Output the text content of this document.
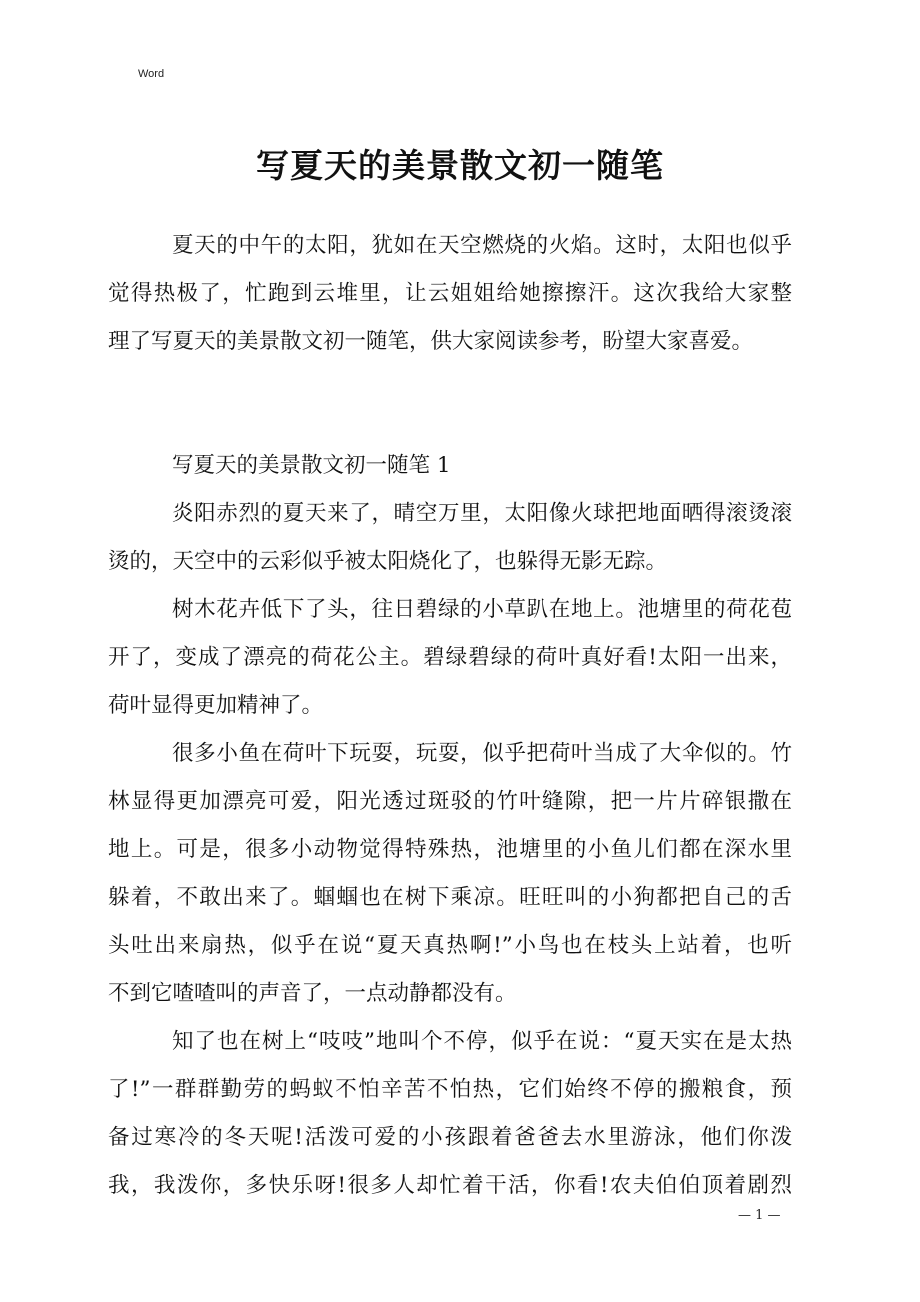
Word
写夏天的美景散文初一随笔
夏天的中午的太阳，犹如在天空燃烧的火焰。这时，太阳也似乎
觉得热极了，忙跑到云堆里，让云姐姐给她擦擦汗。这次我给大家整
理了写夏天的美景散文初一随笔，供大家阅读参考，盼望大家喜爱。
写夏天的美景散文初一随笔 1
炎阳赤烈的夏天来了，晴空万里，太阳像火球把地面晒得滚烫滚
烫的，天空中的云彩似乎被太阳烧化了，也躲得无影无踪。
树木花卉低下了头，往日碧绿的小草趴在地上。池塘里的荷花苞
开了，变成了漂亮的荷花公主。碧绿碧绿的荷叶真好看!太阳一出来，
荷叶显得更加精神了。
很多小鱼在荷叶下玩耍，玩耍，似乎把荷叶当成了大伞似的。竹
林显得更加漂亮可爱，阳光透过斑驳的竹叶缝隙，把一片片碎银撒在
地上。可是，很多小动物觉得特殊热，池塘里的小鱼儿们都在深水里
躲着，不敢出来了。蝈蝈也在树下乘凉。旺旺叫的小狗都把自己的舌
头吐出来扇热，似乎在说“夏天真热啊!”小鸟也在枝头上站着，也听
不到它喳喳叫的声音了，一点动静都没有。
知了也在树上“吱吱”地叫个不停，似乎在说：“夏天实在是太热
了!”一群群勤劳的蚂蚁不怕辛苦不怕热，它们始终不停的搬粮食，预
备过寒冷的冬天呢!活泼可爱的小孩跟着爸爸去水里游泳，他们你泼
我，我泼你，多快乐呀!很多人却忙着干活，你看!农夫伯伯顶着剧烈
— 1 —
